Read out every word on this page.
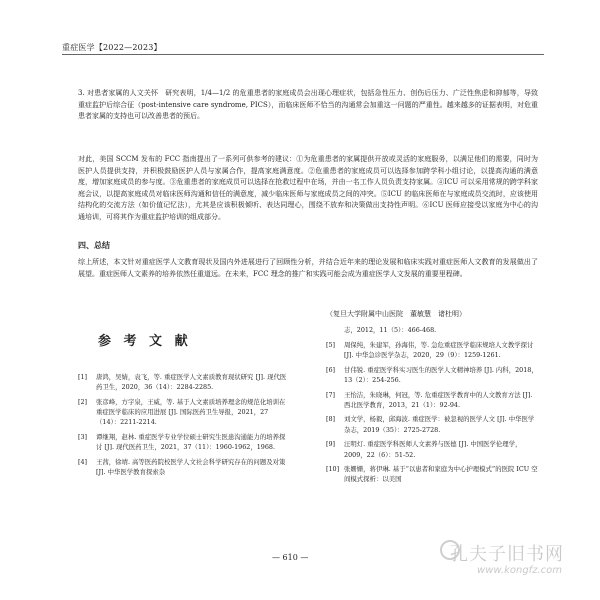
重症医学【2022—2023】
3. 对患者家属的人文关怀　研究表明，1/4—1/2 的危重患者的家庭成员会出现心理症状，包括急性压力、创伤后压力、广泛性焦虑和抑郁等，导致重症监护后综合征（post-intensive care syndrome, PICS），而临床医师不恰当的沟通常会加重这一问题的严重性。越来越多的证据表明，对危重患者家属的支持也可以改善患者的预后。
对此，美国 SCCM 发布的 FCC 指南提出了一系列可供参考的建议：①为危重患者的家属提供开放或灵活的家庭服务，以满足他们的需要，同时为医护人员提供支持，并积极鼓励医护人员与家属合作，提高家庭满意度。②危重患者的家庭成员可以选择参加跨学科小组讨论，以提高沟通的满意度，增加家庭成员的参与度。③危重患者的家庭成员可以选择在抢救过程中在场，并由一名工作人员负责支持家属。④ICU 可以采用常规的跨学科家庭会议，以提高家庭成员对临床医师沟通和信任的满意度，减少临床医师与家庭成员之间的冲突。⑤ICU 的临床医师在与家庭成员交流时，应该使用结构化的交流方法（如价值记忆法），尤其是应该积极倾听、表达同理心，围绕不放弃和决策做出支持性声明。⑥ICU 医师应接受以家庭为中心的沟通培训，可将其作为重症监护培训的组成部分。
四、总结
综上所述，本文针对重症医学人文教育现状及国内外进展进行了回顾性分析，并结合近年来的理论发展和临床实践对重症医师人文教育的发展做出了展望。重症医师人文素养的培养依然任重道远。在未来，FCC 理念的推广和实践可能会成为重症医学人文发展的重要里程碑。
（复旦大学附属中山医院　董敏慧　诸杜明）
参 考 文 献
[1]	唐鸿，吴婧，袁飞，等. 重症医学人文素质教育现状研究 [J]. 现代医药卫生，2020，36（14）：2284-2285.
[2]	张彦峰，方宇泉，王威，等. 基于人文素质培养理念的规范化培训在重症医学临床的应用进展 [J]. 国际医药卫生导报，2021，27（14）：2211-2214.
[3]	谭继翔，赵林. 重症医学专业学位硕士研究生医患沟通能力的培养探讨 [J]. 现代医药卫生，2021，37（11）：1960-1962，1968.
[4]	王茜，徐靖. 高等医药院校医学人文社会科学研究存在的问题及对策 [J]. 中华医学教育探索杂
志，2012，11（5）：466-468.
[5]	周保纯，朱建军，孙海伟，等. 急危重症医学临床规培人文教学探讨 [J]. 中华急诊医学杂志，2020，29（9）：1259-1261.
[6]	甘伟锐. 重症医学科实习医生的医学人文精神培养 [J]. 内科，2018，13（2）：254-256.
[7]	王怡洁，朱晓琳，何冠，等. 危重症医学教育中的人文教育方法 [J]. 西北医学教育，2013，21（1）：92-94.
[8]	刘文学，杨毅，邱海波. 重症医学：被忽视的医学人文 [J]. 中华医学杂志，2019（35）：2725-2728.
[9]	汪明灯. 重症医学科医师人文素养与医德 [J]. 中国医学伦理学，2009，22（6）：51-52.
[10] 张姗姗，蒋伊琳. 基于“以患者和家庭为中心护理模式”的医院 ICU 空间模式探析：以美国
— 610 —	孔夫子旧书网
www.kongfz.com
